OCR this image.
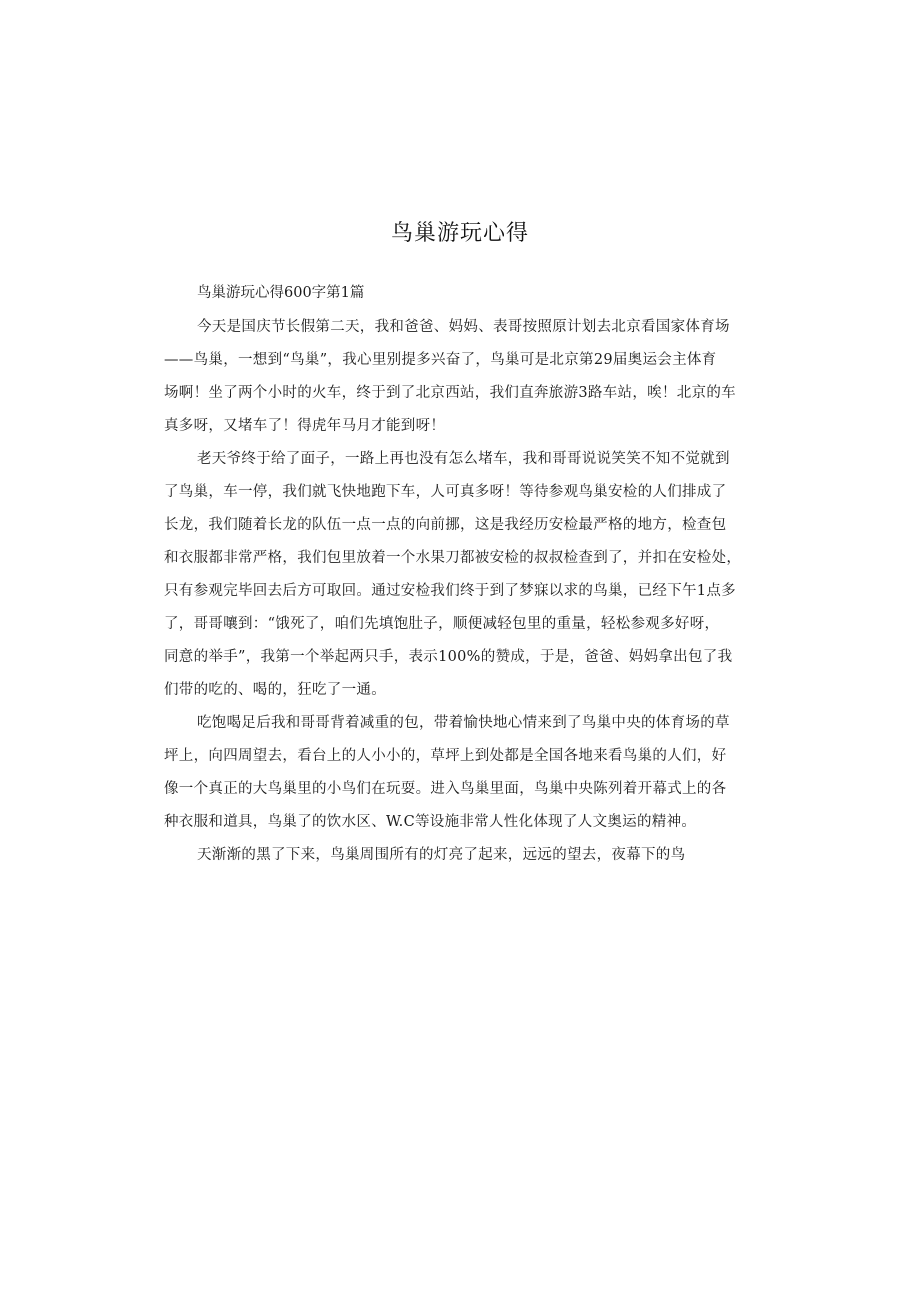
鸟巢游玩心得

鸟巢游玩心得600字第1篇

今天是国庆节长假第二天，我和爸爸、妈妈、表哥按照原计划去北京看国家体育场
——鸟巢，一想到“鸟巢”，我心里别提多兴奋了，鸟巢可是北京第29届奥运会主体育
场啊！坐了两个小时的火车，终于到了北京西站，我们直奔旅游3路车站，唉！北京的车
真多呀，又堵车了！得虎年马月才能到呀！
老天爷终于给了面子，一路上再也没有怎么堵车，我和哥哥说说笑笑不知不觉就到
了鸟巢，车一停，我们就飞快地跑下车，人可真多呀！等待参观鸟巢安检的人们排成了
长龙，我们随着长龙的队伍一点一点的向前挪，这是我经历安检最严格的地方，检查包
和衣服都非常严格，我们包里放着一个水果刀都被安检的叔叔检查到了，并扣在安检处，
只有参观完毕回去后方可取回。通过安检我们终于到了梦寐以求的鸟巢，已经下午1点多
了，哥哥嚷到：“饿死了，咱们先填饱肚子，顺便减轻包里的重量，轻松参观多好呀，
同意的举手”，我第一个举起两只手，表示100%的赞成，于是，爸爸、妈妈拿出包了我
们带的吃的、喝的，狂吃了一通。
吃饱喝足后我和哥哥背着减重的包，带着愉快地心情来到了鸟巢中央的体育场的草
坪上，向四周望去，看台上的人小小的，草坪上到处都是全国各地来看鸟巢的人们，好
像一个真正的大鸟巢里的小鸟们在玩耍。进入鸟巢里面，鸟巢中央陈列着开幕式上的各
种衣服和道具，鸟巢了的饮水区、W.C等设施非常人性化体现了人文奥运的精神。
天渐渐的黑了下来，鸟巢周围所有的灯亮了起来，远远的望去，夜幕下的鸟
